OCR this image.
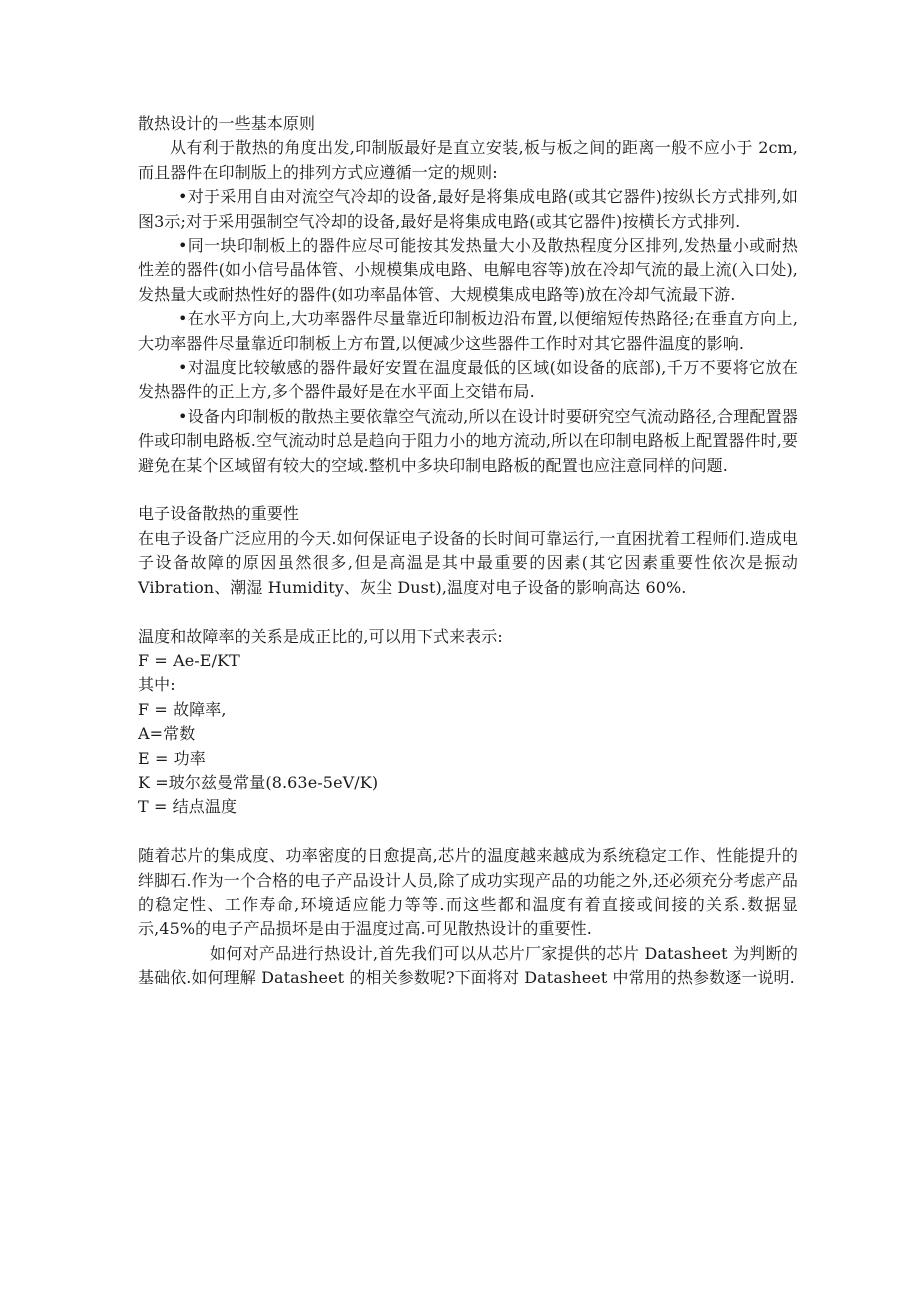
散热设计的一些基本原则

从有利于散热的角度出发,印制版最好是直立安装,板与板之间的距离一般不应小于 2cm,而且器件在印制版上的排列方式应遵循一定的规则:

•对于采用自由对流空气冷却的设备,最好是将集成电路(或其它器件)按纵长方式排列,如图3示;对于采用强制空气冷却的设备,最好是将集成电路(或其它器件)按横长方式排列.

•同一块印制板上的器件应尽可能按其发热量大小及散热程度分区排列,发热量小或耐热性差的器件(如小信号晶体管、小规模集成电路、电解电容等)放在冷却气流的最上流(入口处),发热量大或耐热性好的器件(如功率晶体管、大规模集成电路等)放在冷却气流最下游.

•在水平方向上,大功率器件尽量靠近印制板边沿布置,以便缩短传热路径;在垂直方向上,大功率器件尽量靠近印制板上方布置,以便减少这些器件工作时对其它器件温度的影响.

•对温度比较敏感的器件最好安置在温度最低的区域(如设备的底部),千万不要将它放在发热器件的正上方,多个器件最好是在水平面上交错布局.

•设备内印制板的散热主要依靠空气流动,所以在设计时要研究空气流动路径,合理配置器件或印制电路板.空气流动时总是趋向于阻力小的地方流动,所以在印制电路板上配置器件时,要避免在某个区域留有较大的空域.整机中多块印制电路板的配置也应注意同样的问题.

电子设备散热的重要性

在电子设备广泛应用的今天.如何保证电子设备的长时间可靠运行,一直困扰着工程师们.造成电子设备故障的原因虽然很多,但是高温是其中最重要的因素(其它因素重要性依次是振动 Vibration、潮湿 Humidity、灰尘 Dust),温度对电子设备的影响高达 60%.

温度和故障率的关系是成正比的,可以用下式来表示:

F = Ae-E/KT

其中:

F = 故障率,

A=常数

E = 功率

K =玻尔兹曼常量(8.63e-5eV/K)

T = 结点温度

随着芯片的集成度、功率密度的日愈提高,芯片的温度越来越成为系统稳定工作、性能提升的绊脚石.作为一个合格的电子产品设计人员,除了成功实现产品的功能之外,还必须充分考虑产品的稳定性、工作寿命,环境适应能力等等.而这些都和温度有着直接或间接的关系.数据显示,45%的电子产品损坏是由于温度过高.可见散热设计的重要性.

如何对产品进行热设计,首先我们可以从芯片厂家提供的芯片 Datasheet 为判断的基础依.如何理解 Datasheet 的相关参数呢?下面将对 Datasheet 中常用的热参数逐一说明.
